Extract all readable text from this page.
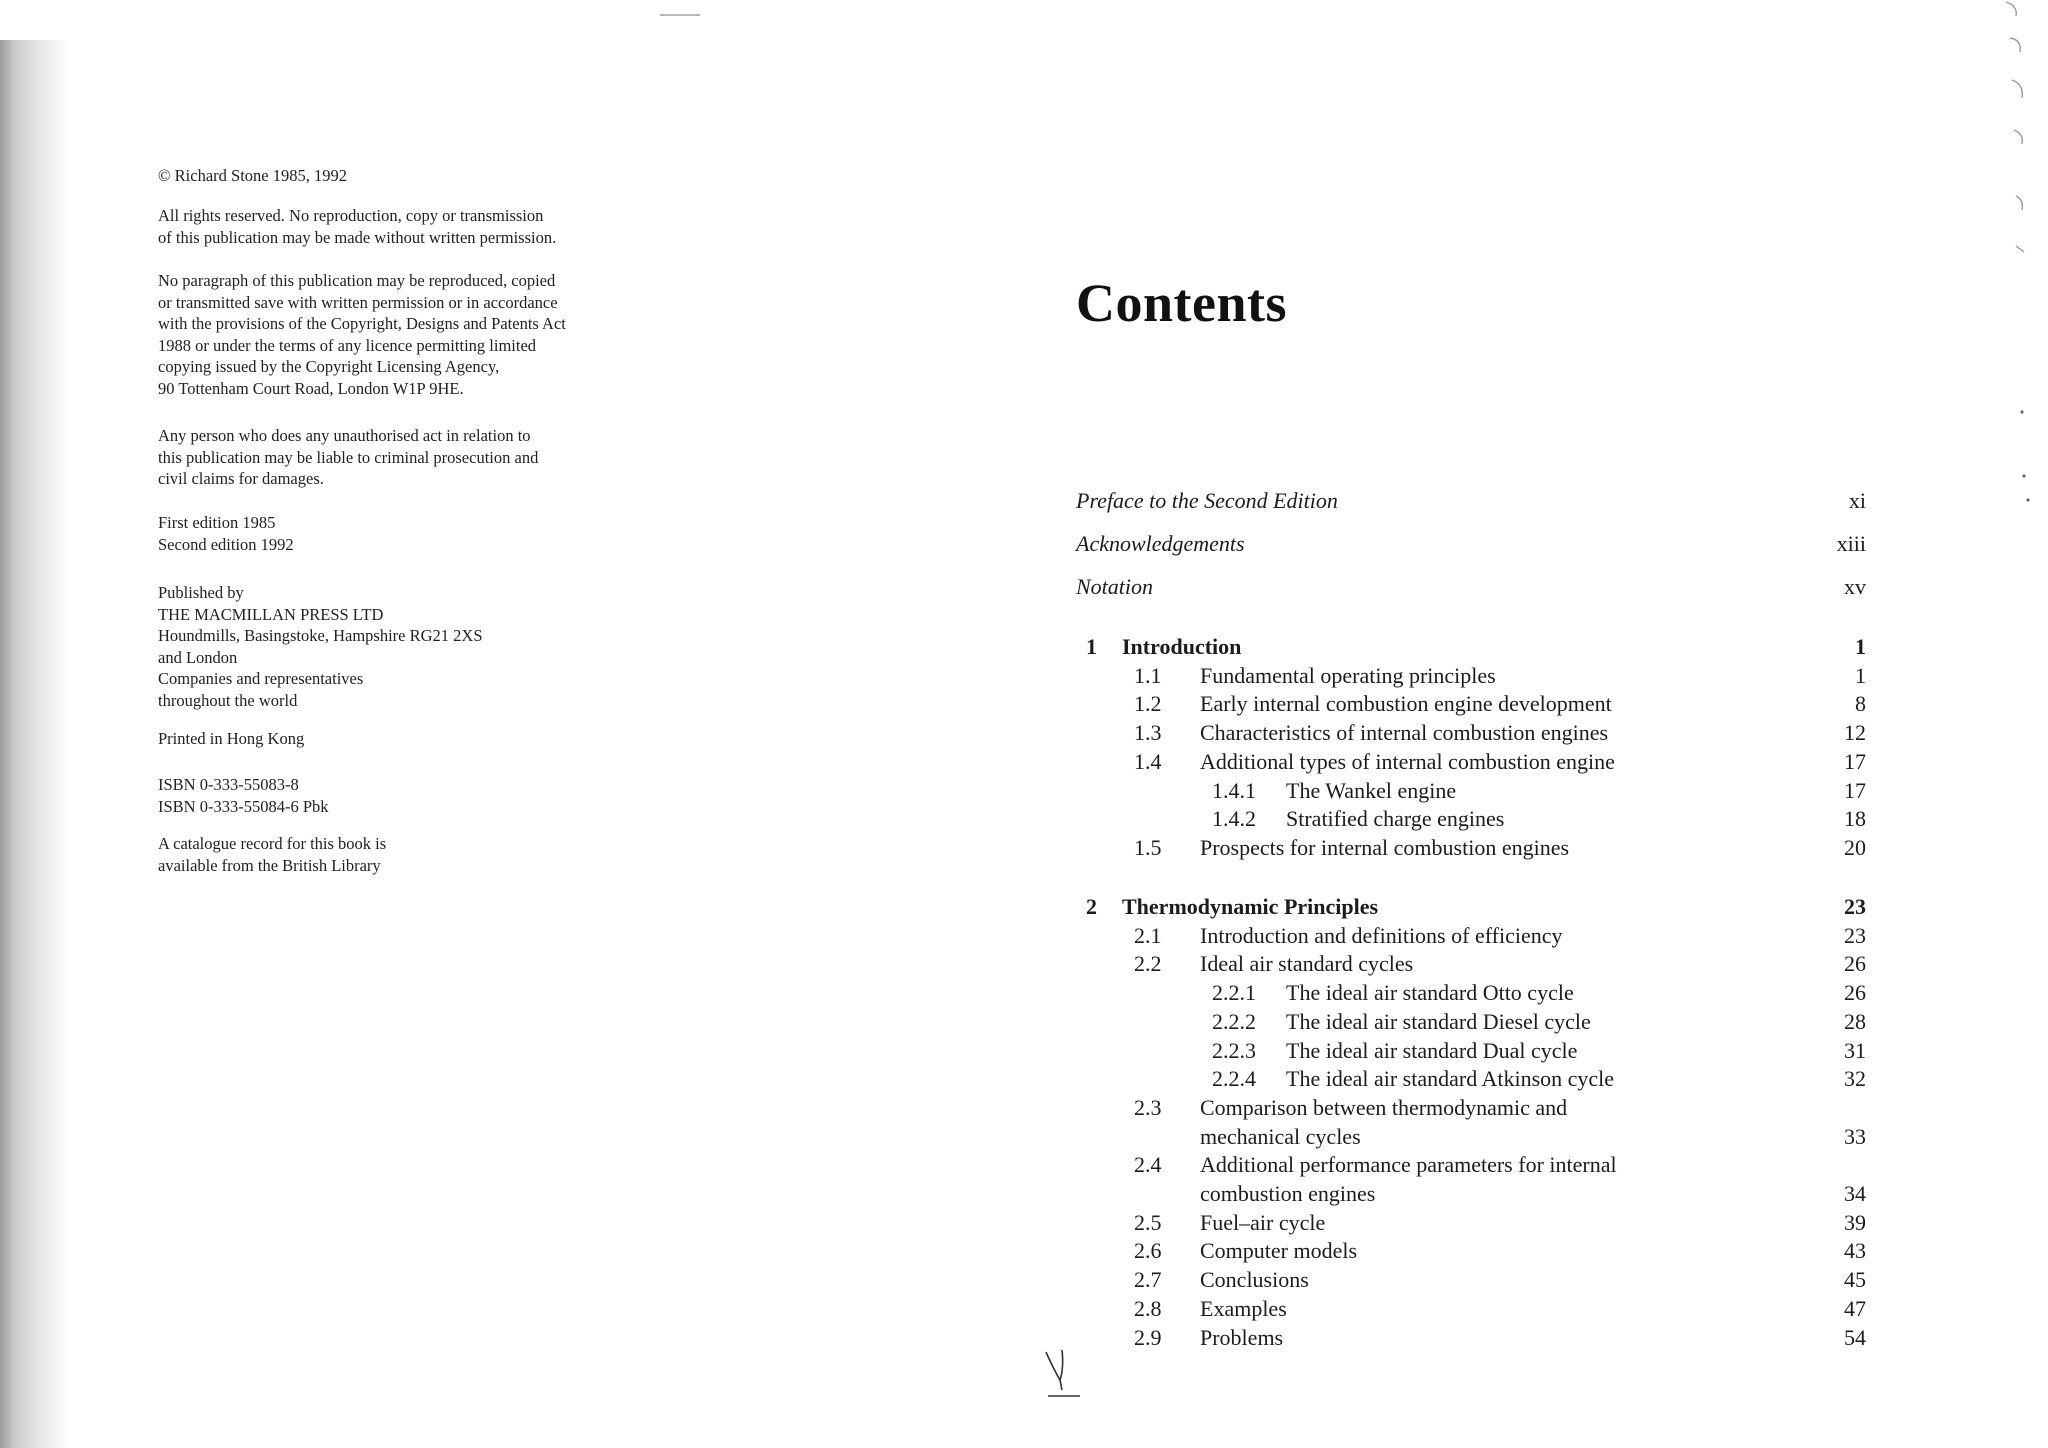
© Richard Stone 1985, 1992
All rights reserved. No reproduction, copy or transmission
of this publication may be made without written permission.
No paragraph of this publication may be reproduced, copied
or transmitted save with written permission or in accordance
with the provisions of the Copyright, Designs and Patents Act
1988 or under the terms of any licence permitting limited
copying issued by the Copyright Licensing Agency,
90 Tottenham Court Road, London W1P 9HE.
Any person who does any unauthorised act in relation to
this publication may be liable to criminal prosecution and
civil claims for damages.
First edition 1985
Second edition 1992
Published by
THE MACMILLAN PRESS LTD
Houndmills, Basingstoke, Hampshire RG21 2XS
and London
Companies and representatives
throughout the world
Printed in Hong Kong
ISBN 0-333-55083-8
ISBN 0-333-55084-6 Pbk
A catalogue record for this book is
available from the British Library
Contents
Preface to the Second Edition	xi
Acknowledgements	xiii
Notation	xv
1 Introduction	1
1.1 Fundamental operating principles	1
1.2 Early internal combustion engine development	8
1.3 Characteristics of internal combustion engines	12
1.4 Additional types of internal combustion engine	17
1.4.1 The Wankel engine	17
1.4.2 Stratified charge engines	18
1.5 Prospects for internal combustion engines	20
2 Thermodynamic Principles	23
2.1 Introduction and definitions of efficiency	23
2.2 Ideal air standard cycles	26
2.2.1 The ideal air standard Otto cycle	26
2.2.2 The ideal air standard Diesel cycle	28
2.2.3 The ideal air standard Dual cycle	31
2.2.4 The ideal air standard Atkinson cycle	32
2.3 Comparison between thermodynamic and
mechanical cycles	33
2.4 Additional performance parameters for internal
combustion engines	34
2.5 Fuel–air cycle	39
2.6 Computer models	43
2.7 Conclusions	45
2.8 Examples	47
2.9 Problems	54
